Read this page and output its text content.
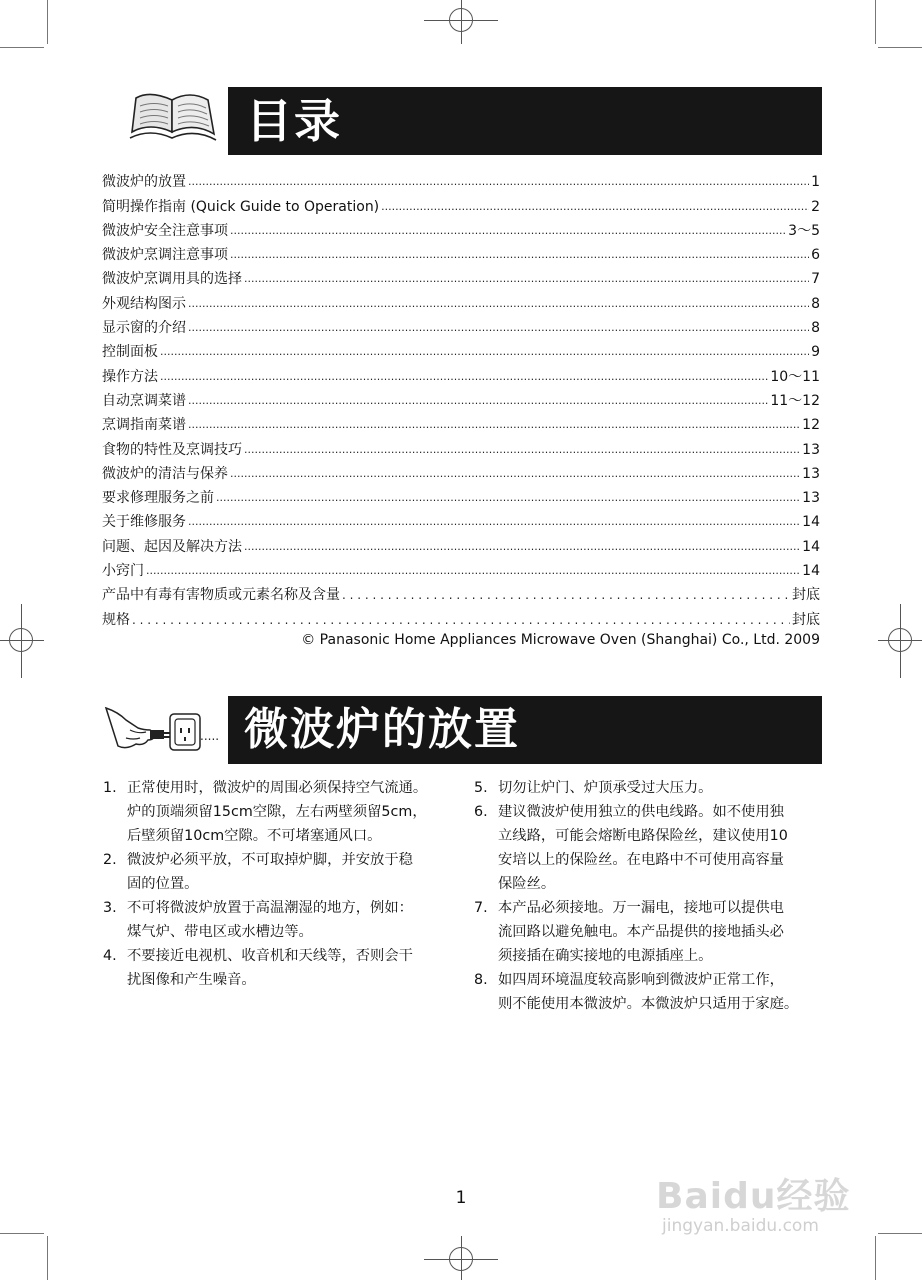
目录
微波炉的放置 .....	1
简明操作指南 (Quick Guide to Operation) .....	2
微波炉安全注意事项 .....	3～5
微波炉烹调注意事项 .....	6
微波炉烹调用具的选择 .....	7
外观结构图示 .....	8
显示窗的介绍 .....	8
控制面板 .....	9
操作方法 .....	10～11
自动烹调菜谱 .....	11～12
烹调指南菜谱 .....	12
食物的特性及烹调技巧 .....	13
微波炉的清洁与保养 .....	13
要求修理服务之前 .....	13
关于维修服务 .....	14
问题、起因及解决方法 .....	14
小窍门 .....	14
产品中有毒有害物质或元素名称及含量 . . .	封底
规格 . . .	封底
© Panasonic Home Appliances Microwave Oven (Shanghai) Co., Ltd. 2009
..... 微波炉的放置
1. 正常使用时，微波炉的周围必须保持空气流通。
炉的顶端须留15cm空隙，左右两壁须留5cm，
后壁须留10cm空隙。不可堵塞通风口。
2. 微波炉必须平放，不可取掉炉脚，并安放于稳
固的位置。
3. 不可将微波炉放置于高温潮湿的地方，例如：
煤气炉、带电区或水槽边等。
4. 不要接近电视机、收音机和天线等，否则会干
扰图像和产生噪音。
5. 切勿让炉门、炉顶承受过大压力。
6. 建议微波炉使用独立的供电线路。如不使用独
立线路，可能会熔断电路保险丝，建议使用10
安培以上的保险丝。在电路中不可使用高容量
保险丝。
7. 本产品必须接地。万一漏电，接地可以提供电
流回路以避免触电。本产品提供的接地插头必
须接插在确实接地的电源插座上。
8. 如四周环境温度较高影响到微波炉正常工作，
则不能使用本微波炉。本微波炉只适用于家庭。
1	Baidu经验
jingyan.baidu.com
